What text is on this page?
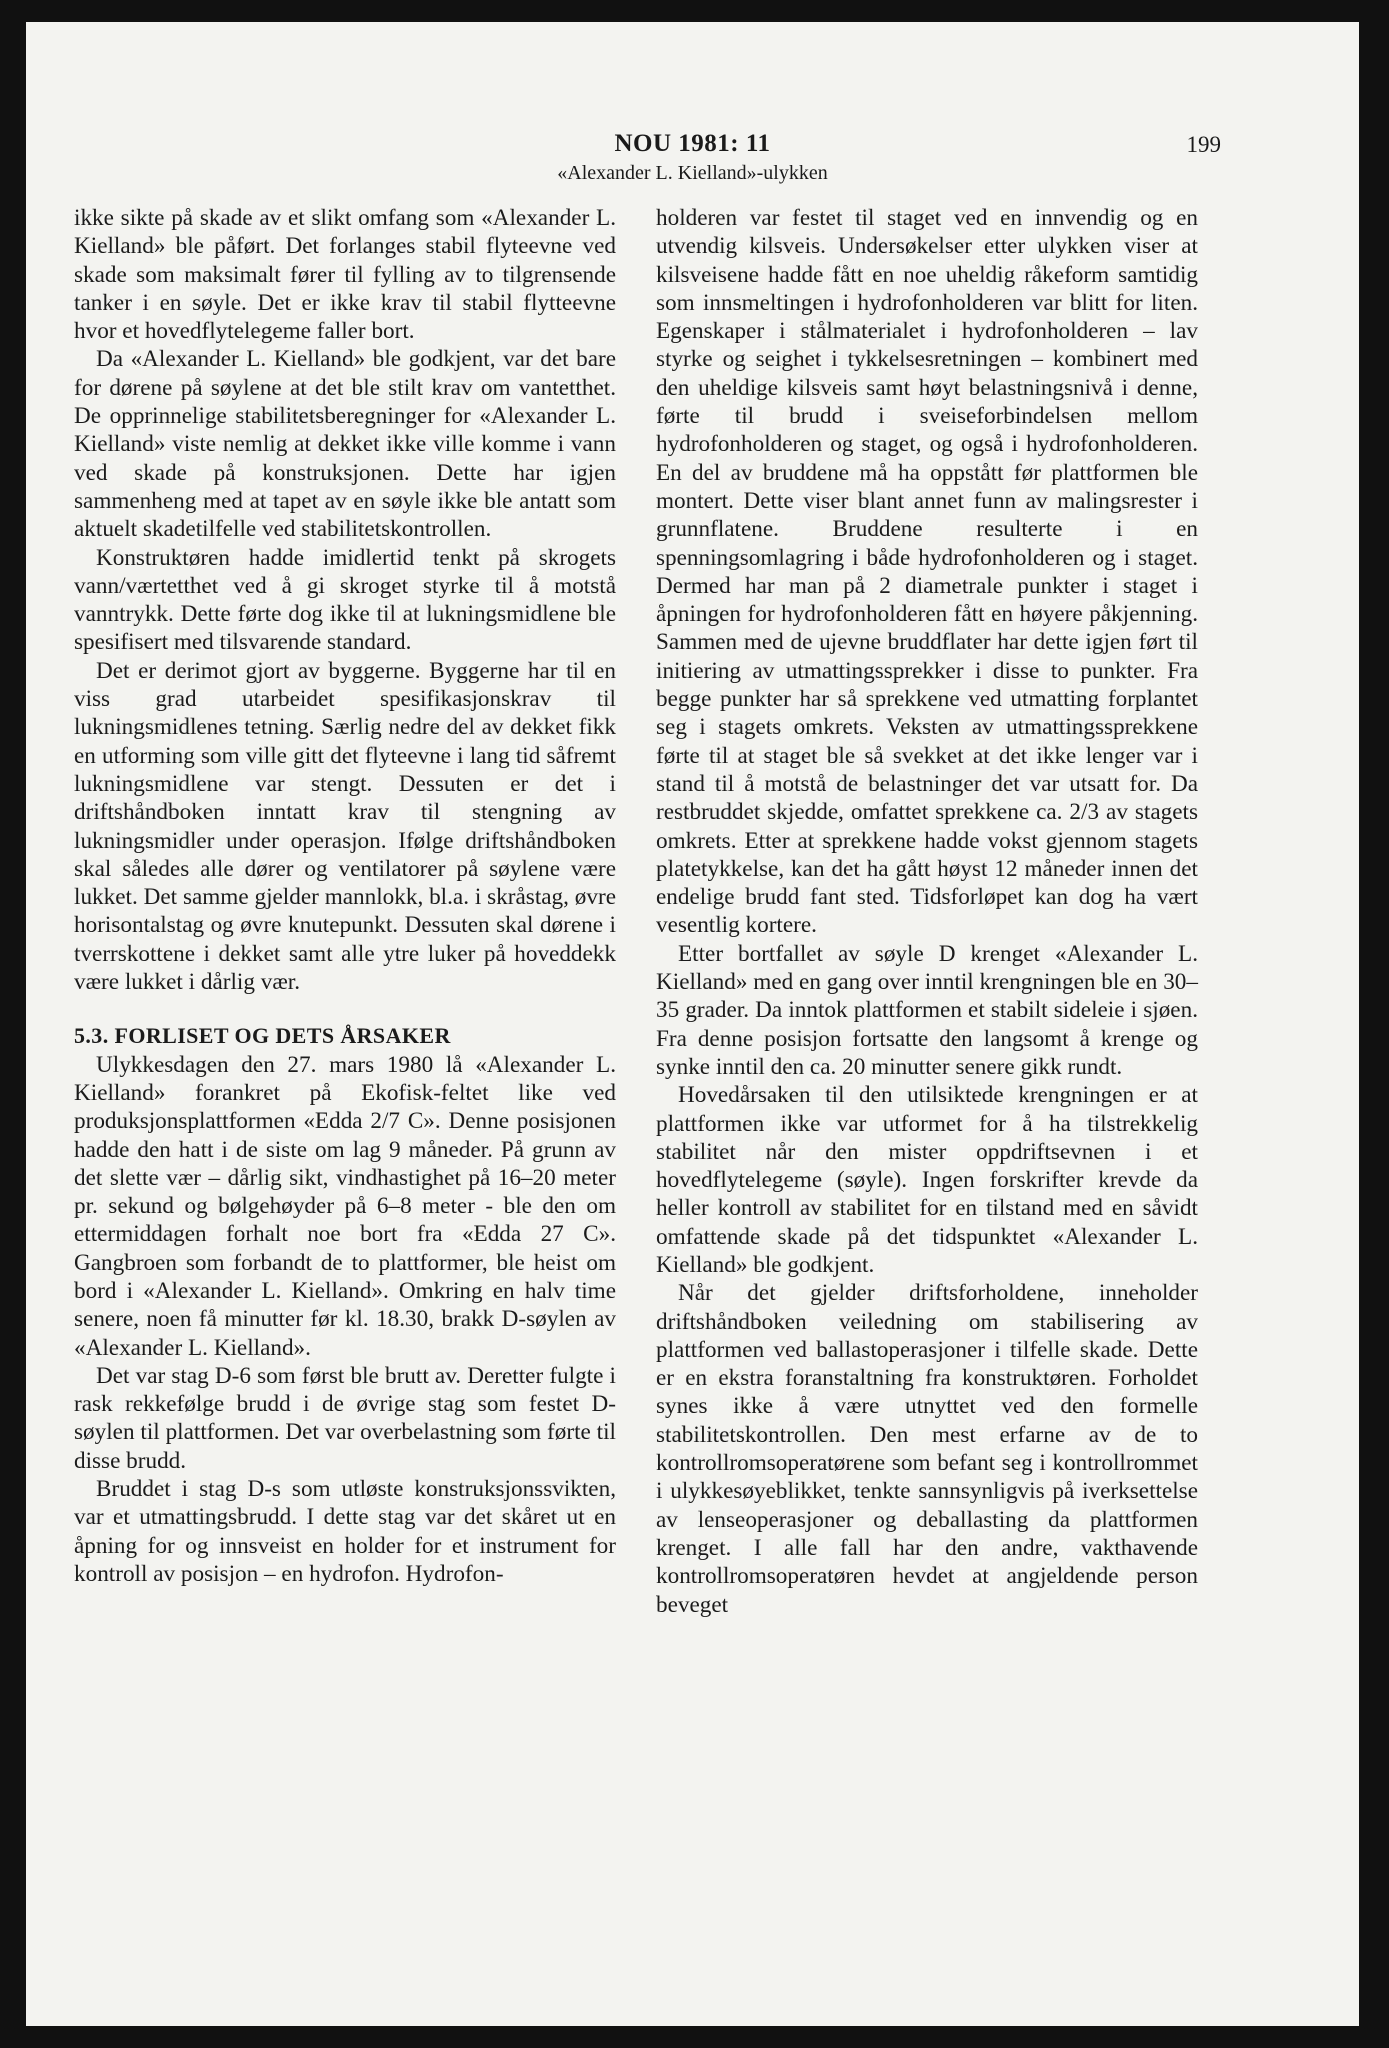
NOU 1981: 11
«Alexander L. Kielland»-ulykken
199

ikke sikte på skade av et slikt omfang som «Alexander L. Kielland» ble påført. Det forlanges stabil flyteevne ved skade som maksimalt fører til fylling av to tilgrensende tanker i en søyle. Det er ikke krav til stabil flytteevne hvor et hovedflytelegeme faller bort.

Da «Alexander L. Kielland» ble godkjent, var det bare for dørene på søylene at det ble stilt krav om vantetthet. De opprinnelige stabilitetsberegninger for «Alexander L. Kielland» viste nemlig at dekket ikke ville komme i vann ved skade på konstruksjonen. Dette har igjen sammenheng med at tapet av en søyle ikke ble antatt som aktuelt skadetilfelle ved stabilitetskontrollen.

Konstruktøren hadde imidlertid tenkt på skrogets vann/værtetthet ved å gi skroget styrke til å motstå vanntrykk. Dette førte dog ikke til at lukningsmidlene ble spesifisert med tilsvarende standard.

Det er derimot gjort av byggerne. Byggerne har til en viss grad utarbeidet spesifikasjonskrav til lukningsmidlenes tetning. Særlig nedre del av dekket fikk en utforming som ville gitt det flyteevne i lang tid såfremt lukningsmidlene var stengt. Dessuten er det i driftshåndboken inntatt krav til stengning av lukningsmidler under operasjon. Ifølge driftshåndboken skal således alle dører og ventilatorer på søylene være lukket. Det samme gjelder mannlokk, bl.a. i skråstag, øvre horisontalstag og øvre knutepunkt. Dessuten skal dørene i tverrskottene i dekket samt alle ytre luker på hoveddekk være lukket i dårlig vær.

5.3. FORLISET OG DETS ÅRSAKER

Ulykkesdagen den 27. mars 1980 lå «Alexander L. Kielland» forankret på Ekofisk-feltet like ved produksjonsplattformen «Edda 2/7 C». Denne posisjonen hadde den hatt i de siste om lag 9 måneder. På grunn av det slette vær – dårlig sikt, vindhastighet på 16–20 meter pr. sekund og bølgehøyder på 6–8 meter - ble den om ettermiddagen forhalt noe bort fra «Edda 27 C». Gangbroen som forbandt de to plattformer, ble heist om bord i «Alexander L. Kielland». Omkring en halv time senere, noen få minutter før kl. 18.30, brakk D-søylen av «Alexander L. Kielland».

Det var stag D-6 som først ble brutt av. Deretter fulgte i rask rekkefølge brudd i de øvrige stag som festet D-søylen til plattformen. Det var overbelastning som førte til disse brudd.

Bruddet i stag D-s som utløste konstruksjonssvikten, var et utmattingsbrudd. I dette stag var det skåret ut en åpning for og innsveist en holder for et instrument for kontroll av posisjon – en hydrofon. Hydrofon-

holderen var festet til staget ved en innvendig og en utvendig kilsveis. Undersøkelser etter ulykken viser at kilsveisene hadde fått en noe uheldig råkeform samtidig som innsmeltingen i hydrofonholderen var blitt for liten. Egenskaper i stålmaterialet i hydrofonholderen – lav styrke og seighet i tykkelsesretningen – kombinert med den uheldige kilsveis samt høyt belastningsnivå i denne, førte til brudd i sveiseforbindelsen mellom hydrofonholderen og staget, og også i hydrofonholderen. En del av bruddene må ha oppstått før plattformen ble montert. Dette viser blant annet funn av malingsrester i grunnflatene. Bruddene resulterte i en spenningsomlagring i både hydrofonholderen og i staget. Dermed har man på 2 diametrale punkter i staget i åpningen for hydrofonholderen fått en høyere påkjenning. Sammen med de ujevne bruddflater har dette igjen ført til initiering av utmattingssprekker i disse to punkter. Fra begge punkter har så sprekkene ved utmatting forplantet seg i stagets omkrets. Veksten av utmattingssprekkene førte til at staget ble så svekket at det ikke lenger var i stand til å motstå de belastninger det var utsatt for. Da restbruddet skjedde, omfattet sprekkene ca. 2/3 av stagets omkrets. Etter at sprekkene hadde vokst gjennom stagets platetykkelse, kan det ha gått høyst 12 måneder innen det endelige brudd fant sted. Tidsforløpet kan dog ha vært vesentlig kortere.

Etter bortfallet av søyle D krenget «Alexander L. Kielland» med en gang over inntil krengningen ble en 30–35 grader. Da inntok plattformen et stabilt sideleie i sjøen. Fra denne posisjon fortsatte den langsomt å krenge og synke inntil den ca. 20 minutter senere gikk rundt.

Hovedårsaken til den utilsiktede krengningen er at plattformen ikke var utformet for å ha tilstrekkelig stabilitet når den mister oppdriftsevnen i et hovedflytelegeme (søyle). Ingen forskrifter krevde da heller kontroll av stabilitet for en tilstand med en såvidt omfattende skade på det tidspunktet «Alexander L. Kielland» ble godkjent.

Når det gjelder driftsforholdene, inneholder driftshåndboken veiledning om stabilisering av plattformen ved ballastoperasjoner i tilfelle skade. Dette er en ekstra foranstaltning fra konstruktøren. Forholdet synes ikke å være utnyttet ved den formelle stabilitetskontrollen. Den mest erfarne av de to kontrollromsoperatørene som befant seg i kontrollrommet i ulykkesøyeblikket, tenkte sannsynligvis på iverksettelse av lenseoperasjoner og deballasting da plattformen krenget. I alle fall har den andre, vakthavende kontrollromsoperatøren hevdet at angjeldende person beveget
